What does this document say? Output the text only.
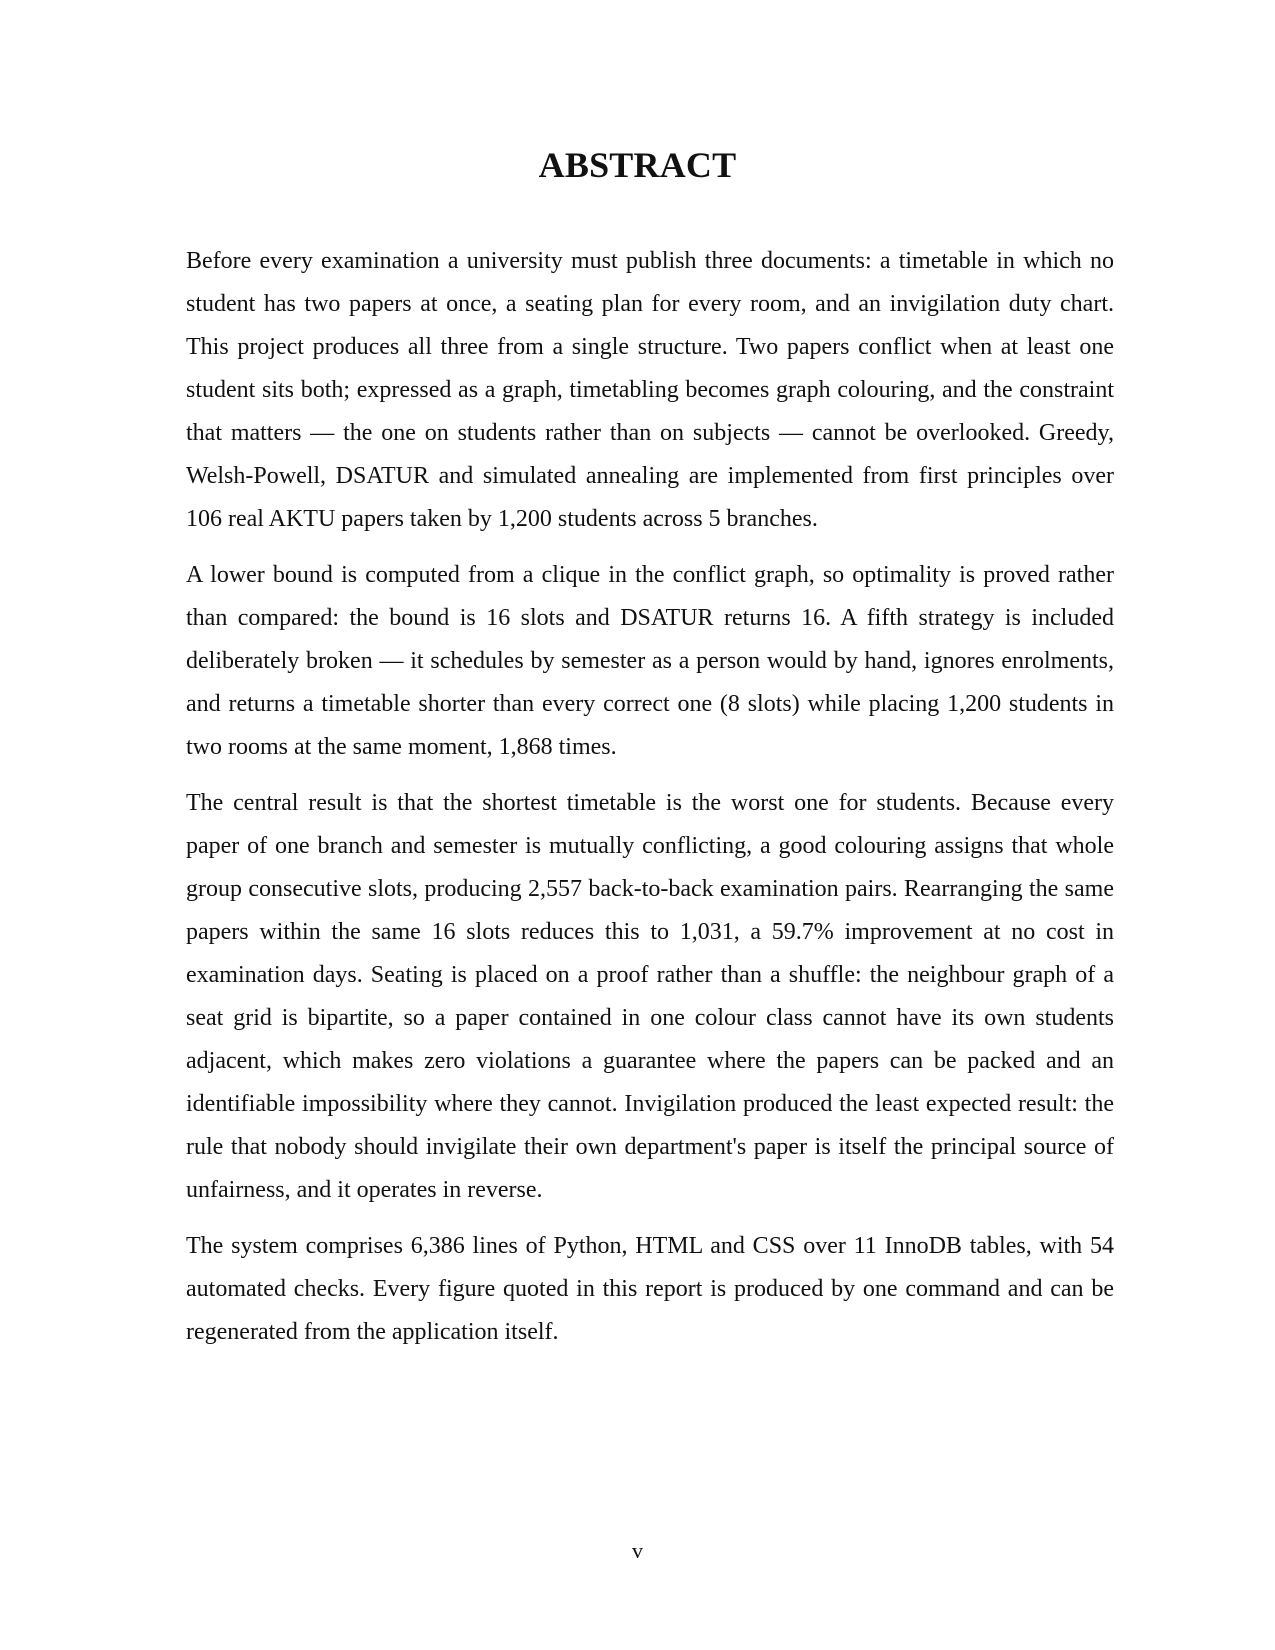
ABSTRACT

Before every examination a university must publish three documents: a timetable in which no student has two papers at once, a seating plan for every room, and an invigilation duty chart. This project produces all three from a single structure. Two papers conflict when at least one student sits both; expressed as a graph, timetabling becomes graph colouring, and the constraint that matters — the one on students rather than on subjects — cannot be overlooked. Greedy, Welsh-Powell, DSATUR and simulated annealing are implemented from first principles over 106 real AKTU papers taken by 1,200 students across 5 branches.

A lower bound is computed from a clique in the conflict graph, so optimality is proved rather than compared: the bound is 16 slots and DSATUR returns 16. A fifth strategy is included deliberately broken — it schedules by semester as a person would by hand, ignores enrolments, and returns a timetable shorter than every correct one (8 slots) while placing 1,200 students in two rooms at the same moment, 1,868 times.

The central result is that the shortest timetable is the worst one for students. Because every paper of one branch and semester is mutually conflicting, a good colouring assigns that whole group consecutive slots, producing 2,557 back-to-back examination pairs. Rearranging the same papers within the same 16 slots reduces this to 1,031, a 59.7% improvement at no cost in examination days. Seating is placed on a proof rather than a shuffle: the neighbour graph of a seat grid is bipartite, so a paper contained in one colour class cannot have its own students adjacent, which makes zero violations a guarantee where the papers can be packed and an identifiable impossibility where they cannot. Invigilation produced the least expected result: the rule that nobody should invigilate their own department's paper is itself the principal source of unfairness, and it operates in reverse.

The system comprises 6,386 lines of Python, HTML and CSS over 11 InnoDB tables, with 54 automated checks. Every figure quoted in this report is produced by one command and can be regenerated from the application itself.

v
